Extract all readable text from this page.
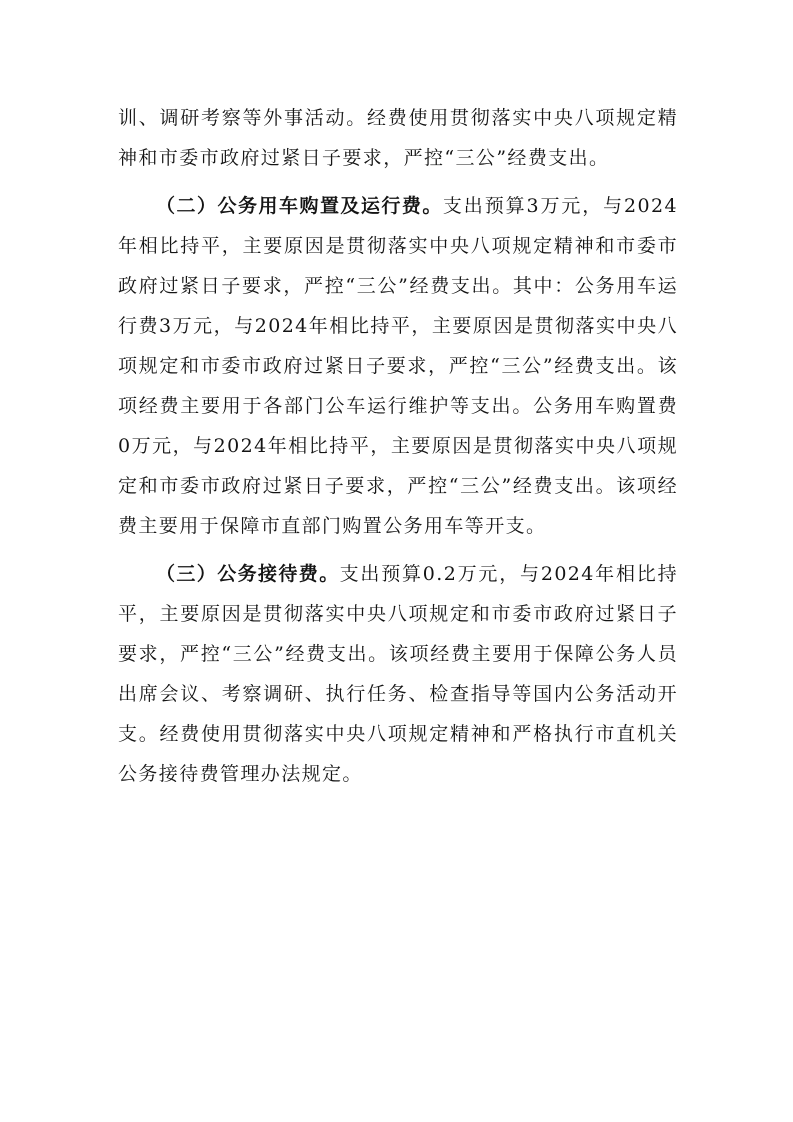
训、调研考察等外事活动。经费使用贯彻落实中央八项规定精神和市委市政府过紧日子要求，严控“三公”经费支出。

（二）公务用车购置及运行费。支出预算3万元，与2024年相比持平，主要原因是贯彻落实中央八项规定精神和市委市政府过紧日子要求，严控“三公”经费支出。其中：公务用车运行费3万元，与2024年相比持平，主要原因是贯彻落实中央八项规定和市委市政府过紧日子要求，严控“三公”经费支出。该项经费主要用于各部门公车运行维护等支出。公务用车购置费0万元，与2024年相比持平，主要原因是贯彻落实中央八项规定和市委市政府过紧日子要求，严控“三公”经费支出。该项经费主要用于保障市直部门购置公务用车等开支。

（三）公务接待费。支出预算0.2万元，与2024年相比持平，主要原因是贯彻落实中央八项规定和市委市政府过紧日子要求，严控“三公”经费支出。该项经费主要用于保障公务人员出席会议、考察调研、执行任务、检查指导等国内公务活动开支。经费使用贯彻落实中央八项规定精神和严格执行市直机关公务接待费管理办法规定。
